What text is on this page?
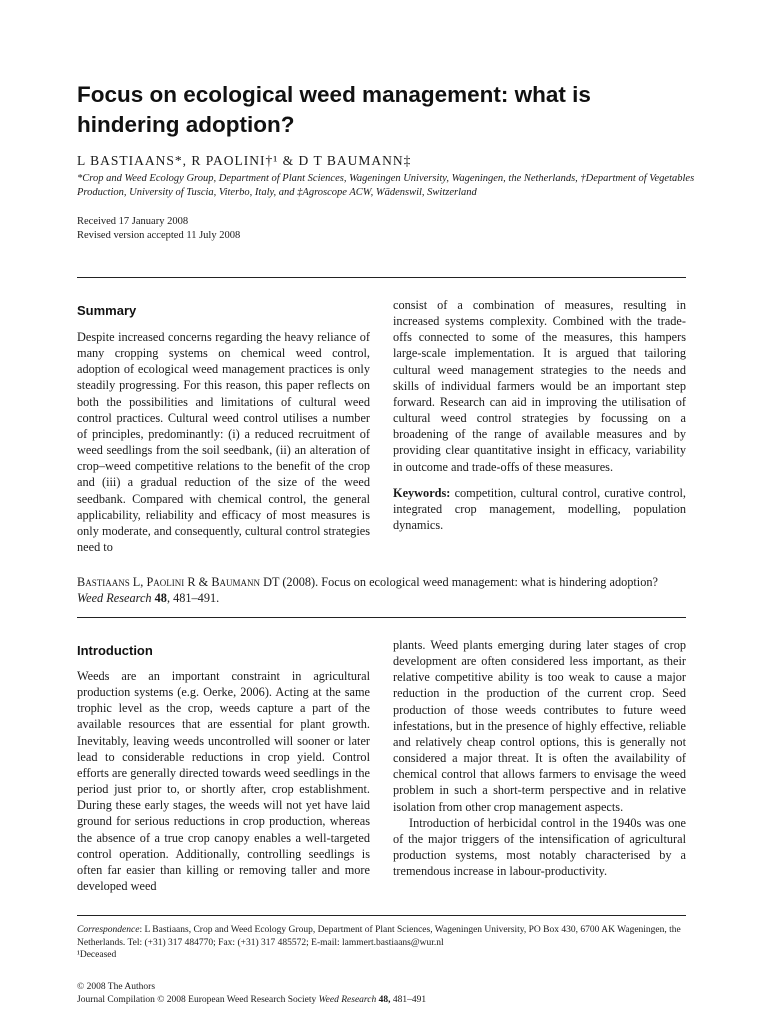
Focus on ecological weed management: what is hindering adoption?
L BASTIAANS*, R PAOLINI†¹ & D T BAUMANN‡
*Crop and Weed Ecology Group, Department of Plant Sciences, Wageningen University, Wageningen, the Netherlands, †Department of Vegetables Production, University of Tuscia, Viterbo, Italy, and ‡Agroscope ACW, Wädenswil, Switzerland
Received 17 January 2008
Revised version accepted 11 July 2008
Summary

Despite increased concerns regarding the heavy reliance of many cropping systems on chemical weed control, adoption of ecological weed management practices is only steadily progressing. For this reason, this paper reflects on both the possibilities and limitations of cultural weed control practices. Cultural weed control utilises a number of principles, predominantly: (i) a reduced recruitment of weed seedlings from the soil seedbank, (ii) an alteration of crop–weed competitive relations to the benefit of the crop and (iii) a gradual reduction of the size of the weed seedbank. Compared with chemical control, the general applicability, reliability and efficacy of most measures is only moderate, and consequently, cultural control strategies need to

consist of a combination of measures, resulting in increased systems complexity. Combined with the trade-offs connected to some of the measures, this hampers large-scale implementation. It is argued that tailoring cultural weed management strategies to the needs and skills of individual farmers would be an important step forward. Research can aid in improving the utilisation of cultural weed control strategies by focussing on a broadening of the range of available measures and by providing clear quantitative insight in efficacy, variability in outcome and trade-offs of these measures.

Keywords: competition, cultural control, curative control, integrated crop management, modelling, population dynamics.

Bastiaans L, Paolini R & Baumann DT (2008). Focus on ecological weed management: what is hindering adoption?
Weed Research 48, 481–491.
Introduction

Weeds are an important constraint in agricultural production systems (e.g. Oerke, 2006). Acting at the same trophic level as the crop, weeds capture a part of the available resources that are essential for plant growth. Inevitably, leaving weeds uncontrolled will sooner or later lead to considerable reductions in crop yield. Control efforts are generally directed towards weed seedlings in the period just prior to, or shortly after, crop establishment. During these early stages, the weeds will not yet have laid ground for serious reductions in crop production, whereas the absence of a true crop canopy enables a well-targeted control operation. Additionally, controlling seedlings is often far easier than killing or removing taller and more developed weed

plants. Weed plants emerging during later stages of crop development are often considered less important, as their relative competitive ability is too weak to cause a major reduction in the production of the current crop. Seed production of those weeds contributes to future weed infestations, but in the presence of highly effective, reliable and relatively cheap control options, this is generally not considered a major threat. It is often the availability of chemical control that allows farmers to envisage the weed problem in such a short-term perspective and in relative isolation from other crop management aspects.

Introduction of herbicidal control in the 1940s was one of the major triggers of the intensification of agricultural production systems, most notably characterised by a tremendous increase in labour-productivity.

Correspondence: L Bastiaans, Crop and Weed Ecology Group, Department of Plant Sciences, Wageningen University, PO Box 430, 6700 AK Wageningen, the Netherlands. Tel: (+31) 317 484770; Fax: (+31) 317 485572; E-mail: lammert.bastiaans@wur.nl
¹Deceased
© 2008 The Authors
Journal Compilation © 2008 European Weed Research Society Weed Research 48, 481–491
